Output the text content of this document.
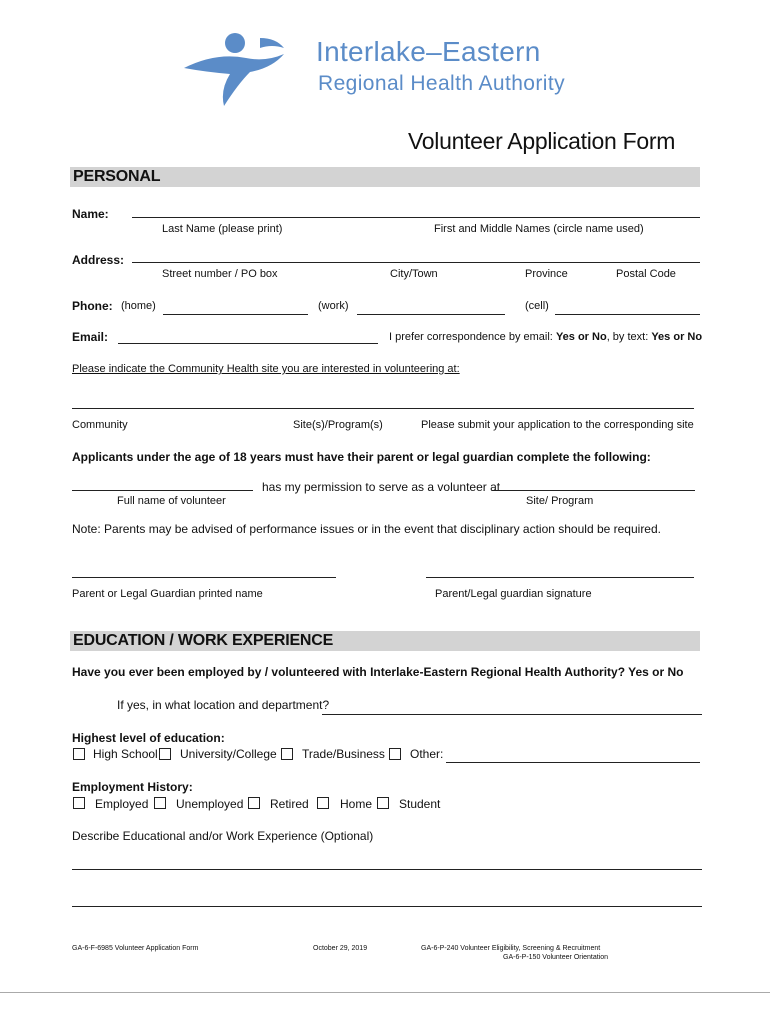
Interlake–Eastern
Regional Health Authority
Volunteer Application Form
PERSONAL
Name:
Last Name (please print)	First and Middle Names (circle name used)
Address:
Street number / PO box	City/Town	Province	Postal Code
Phone: (home)	(work)	(cell)
Email:	I prefer correspondence by email: Yes or No, by text: Yes or No
Please indicate the Community Health site you are interested in volunteering at:
Community	Site(s)/Program(s)	Please submit your application to the corresponding site
Applicants under the age of 18 years must have their parent or legal guardian complete the following:
has my permission to serve as a volunteer at
Full name of volunteer	Site/ Program
Note: Parents may be advised of performance issues or in the event that disciplinary action should be required.
Parent or Legal Guardian printed name	Parent/Legal guardian signature
EDUCATION / WORK EXPERIENCE
Have you ever been employed by / volunteered with Interlake-Eastern Regional Health Authority? Yes or No
If yes, in what location and department?
Highest level of education:
High School University/College Trade/Business Other:
Employment History:
Employed Unemployed Retired	Home Student
Describe Educational and/or Work Experience (Optional)
GA-6-F-6985 Volunteer Application Form	October 29, 2019	GA-6-P-240 Volunteer Eligibility, Screening & Recruitment
GA-6-P-150 Volunteer Orientation
